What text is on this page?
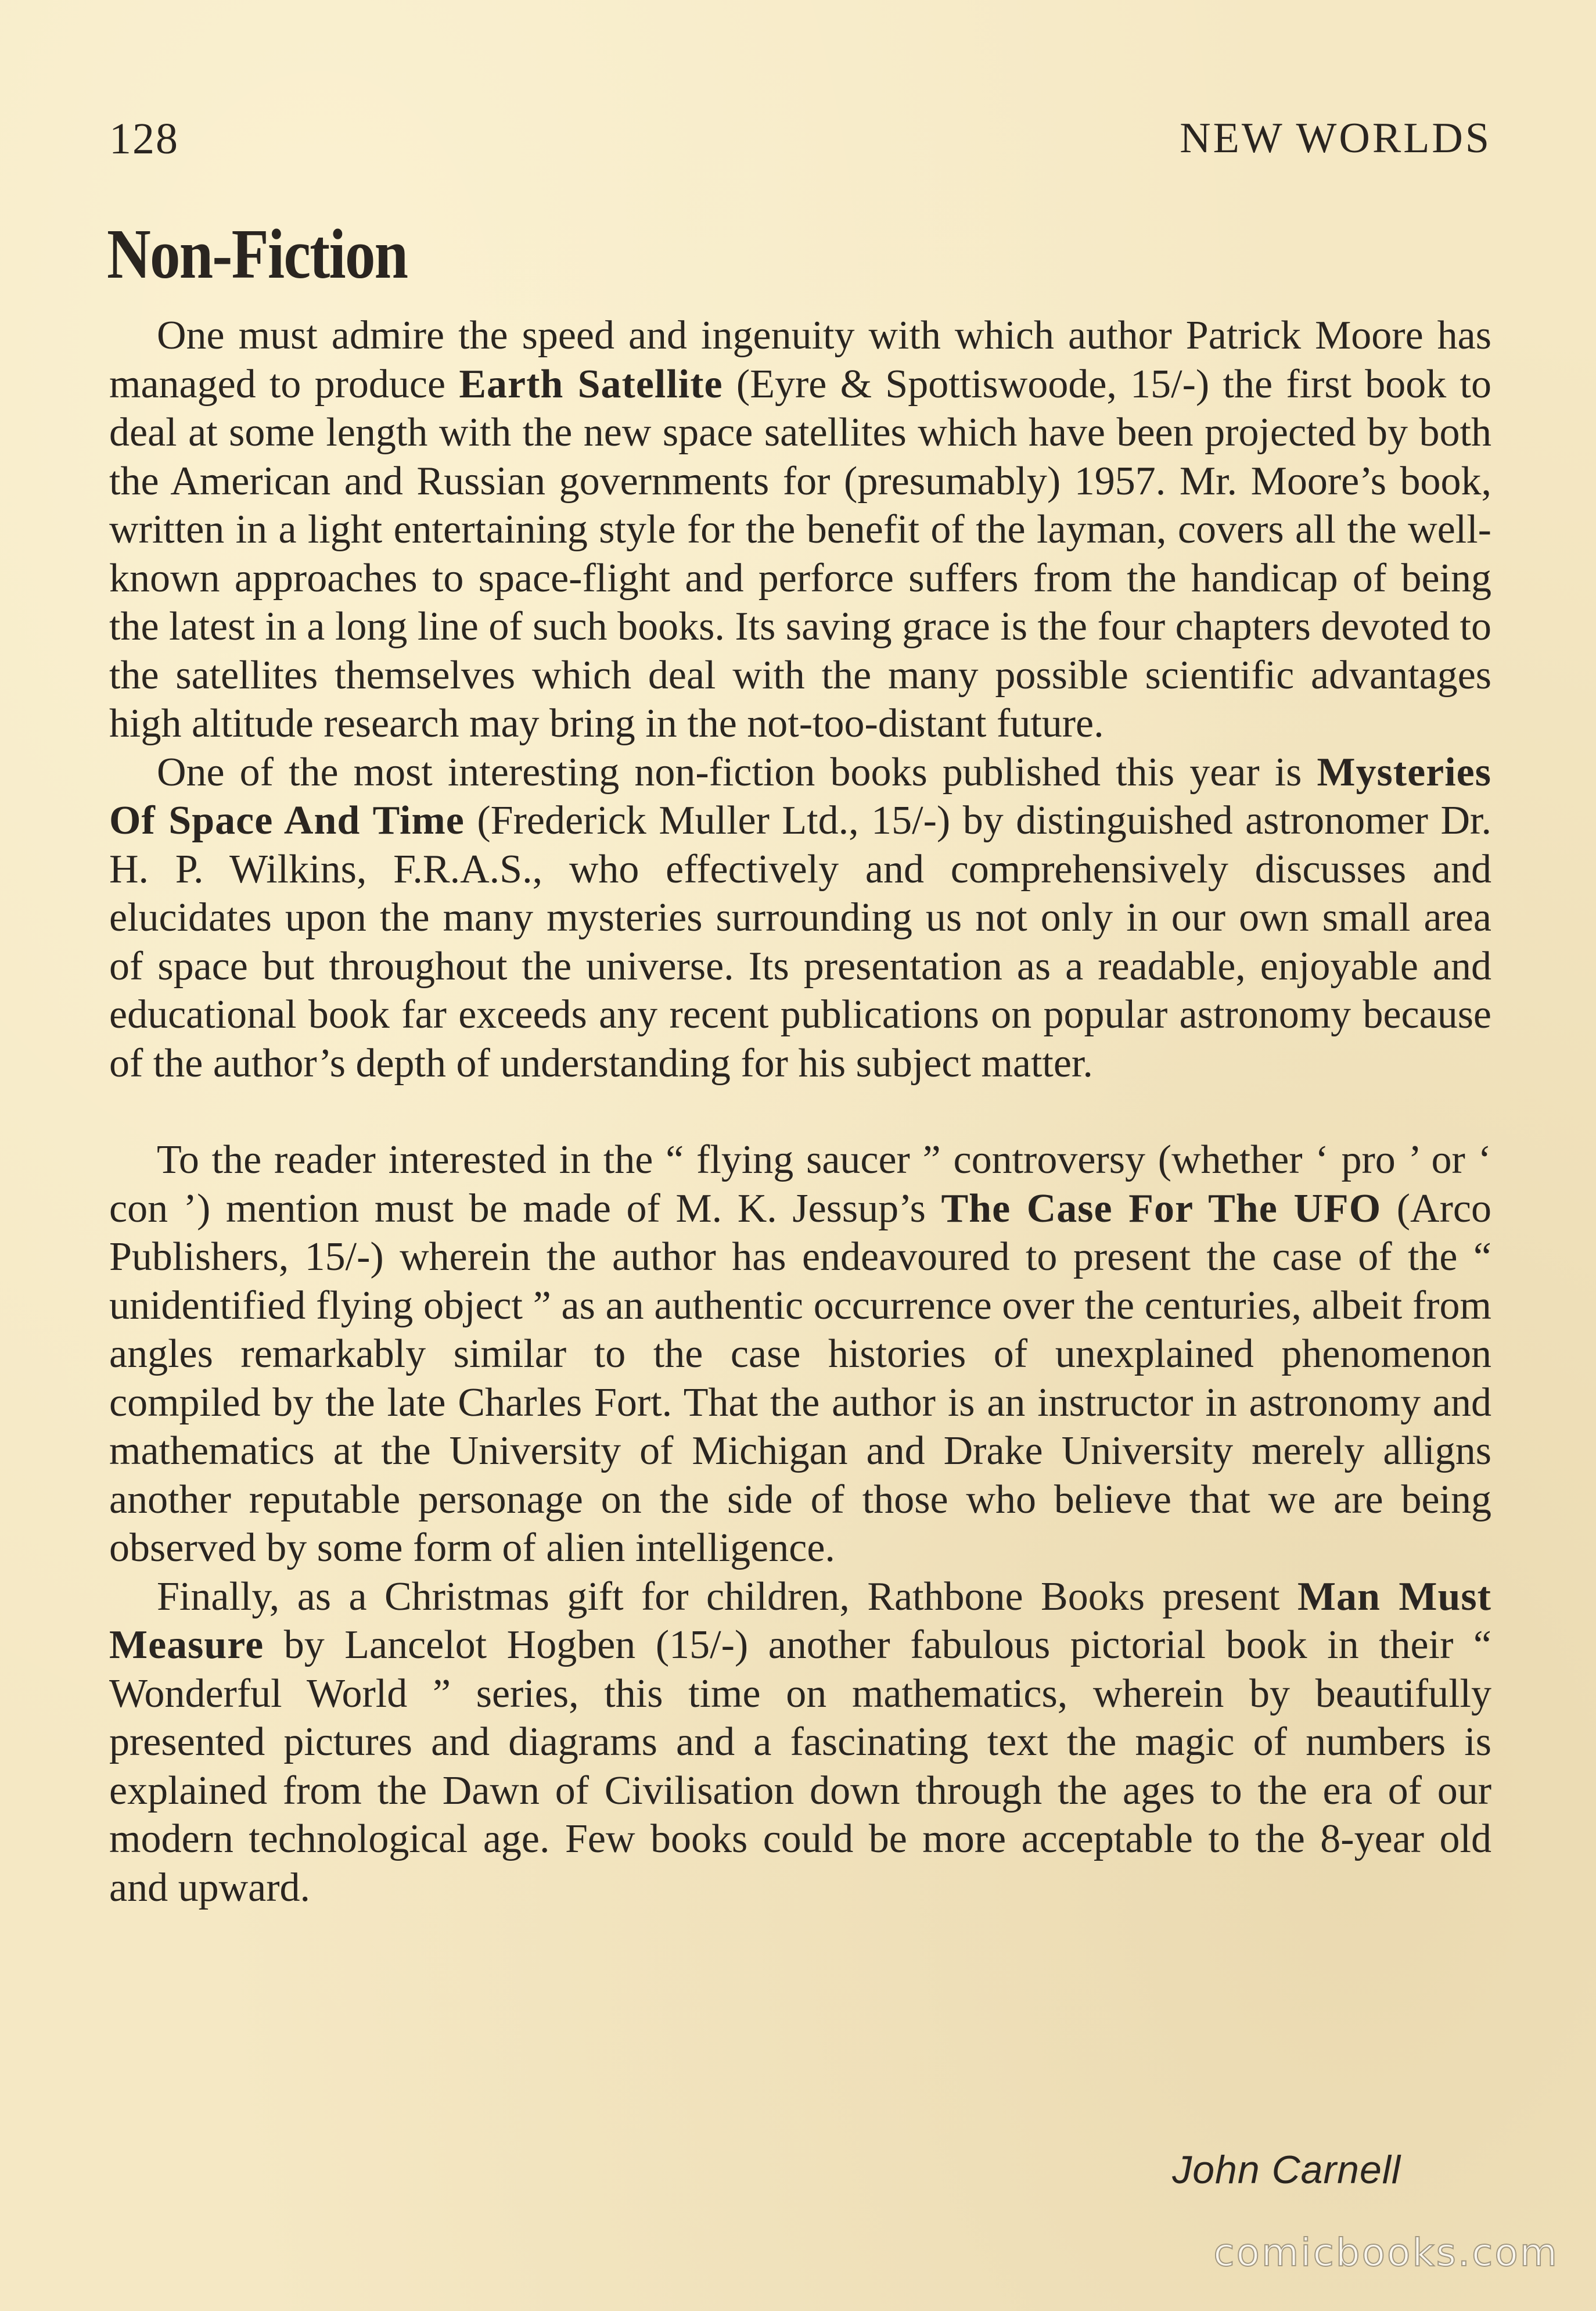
128	NEW WORLDS
Non-Fiction

One must admire the speed and ingenuity with which author Patrick Moore has managed to produce Earth Satellite (Eyre & Spottiswoode, 15/-) the first book to deal at some length with the new space satellites which have been projected by both the American and Russian governments for (presumably) 1957. Mr. Moore’s book, written in a light entertaining style for the benefit of the layman, covers all the well-known approaches to space-flight and perforce suffers from the handicap of being the latest in a long line of such books. Its saving grace is the four chapters devoted to the satellites themselves which deal with the many possible scientific advantages high altitude research may bring in the not-too-distant future.

One of the most interesting non-fiction books published this year is Mysteries Of Space And Time (Frederick Muller Ltd., 15/-) by distinguished astronomer Dr. H. P. Wilkins, F.R.A.S., who effectively and comprehensively discusses and elucidates upon the many mysteries surrounding us not only in our own small area of space but throughout the universe. Its presentation as a readable, enjoyable and educational book far exceeds any recent publications on popular astronomy because of the author’s depth of understanding for his subject matter.

To the reader interested in the “ flying saucer ” controversy (whether ‘ pro ’ or ‘ con ’) mention must be made of M. K. Jessup’s The Case For The UFO (Arco Publishers, 15/-) wherein the author has endeavoured to present the case of the “ unidentified flying object ” as an authentic occurrence over the centuries, albeit from angles remarkably similar to the case histories of unexplained phenomenon compiled by the late Charles Fort. That the author is an instructor in astronomy and mathematics at the University of Michigan and Drake University merely alligns another reputable personage on the side of those who believe that we are being observed by some form of alien intelligence.

Finally, as a Christmas gift for children, Rathbone Books present Man Must Measure by Lancelot Hogben (15/-) another fabulous pictorial book in their “ Wonderful World ” series, this time on mathematics, wherein by beautifully presented pictures and diagrams and a fascinating text the magic of numbers is explained from the Dawn of Civilisation down through the ages to the era of our modern technological age. Few books could be more acceptable to the 8-year old and upward.

John Carnell
comicbooks.com
